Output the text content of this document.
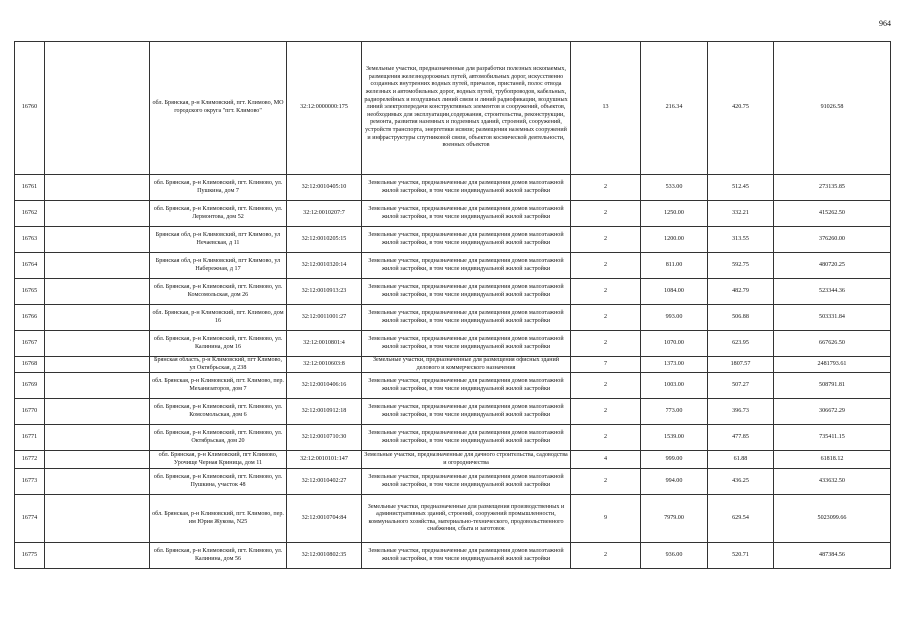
964
16760		обл. Брянская, р-н Климовский, пгт. Климово, МО городского округа "пгт. Климово"	32:12:0000000:175	Земельные участки, предназначенные для разработки полезных ископаемых, размещения железнодорожных путей, автомобильных дорог, искусственно созданных внутренних водных путей, причалов, пристаней, полос отвода железных и автомобильных дорог, водных путей, трубопроводов, кабельных, радиорелейных и воздушных линий связи и линий радиофикации, воздушных линий электропередачи конструктивных элементов и сооружений, объектов, необходимых для эксплуатации,содержания, строительства, реконструкции, ремонта, развития наземных и подземных зданий, строений, сооружений, устройств транспорта, энергетики исвязи; размещения наземных сооружений и инфраструктуры спутниковой связи, объектов космической деятельности, военных объектов	13	216.34	420.75	91026.58
16761		обл. Брянская, р-н Климовский, пгт. Климово, ул. Пушкина, дом 7	32:12:0010405:10	Земельные участки, предназначенные для размещения домов малоэтажной жилой застройки, в том числе индивидуальной жилой застройки	2	533.00	512.45	273135.85
16762		обл. Брянская, р-н Климовский, пгт. Климово, ул. Лермонтова, дом 52	32:12:0010207:7	Земельные участки, предназначенные для размещения домов малоэтажной жилой застройки, в том числе индивидуальной жилой застройки	2	1250.00	332.21	415262.50
16763		Брянская обл, р-н Климовский, пгт Климово, ул Нечаевская, д 11	32:12:0010205:15	Земельные участки, предназначенные для размещения домов малоэтажной жилой застройки, в том числе индивидуальной жилой застройки	2	1200.00	313.55	376260.00
16764		Брянская обл, р-н Климовский, пгт Климово, ул Набережная, д 17	32:12:0010320:14	Земельные участки, предназначенные для размещения домов малоэтажной жилой застройки, в том числе индивидуальной жилой застройки	2	811.00	592.75	480720.25
16765		обл. Брянская, р-н Климовский, пгт. Климово, ул. Комсомольская, дом 26	32:12:0010913:23	Земельные участки, предназначенные для размещения домов малоэтажной жилой застройки, в том числе индивидуальной жилой застройки	2	1084.00	482.79	523344.36
16766		обл. Брянская, р-н Климовский, пгт. Климово, дом 16	32:12:0011001:27	Земельные участки, предназначенные для размещения домов малоэтажной жилой застройки, в том числе индивидуальной жилой застройки	2	993.00	506.88	503331.84
16767		обл. Брянская, р-н Климовский, пгт. Климово, ул. Калинина, дом 16	32:12:0010801:4	Земельные участки, предназначенные для размещения домов малоэтажной жилой застройки, в том числе индивидуальной жилой застройки	2	1070.00	623.95	667626.50
16768		Брянская область, р-н Климовский, пгт Климово, ул Октябрьская, д 238	32:12:0010603:8	Земельные участки, предназначенные для размещения офисных зданий делового и коммерческого назначения	7	1373.00	1807.57	2481793.61
16769		обл. Брянская, р-н Климовский, пгт. Климово, пер. Механизаторов, дом 7	32:12:0010406:16	Земельные участки, предназначенные для размещения домов малоэтажной жилой застройки, в том числе индивидуальной жилой застройки	2	1003.00	507.27	508791.81
16770		обл. Брянская, р-н Климовский, пгт. Климово, ул. Комсомольская, дом 6	32:12:0010912:18	Земельные участки, предназначенные для размещения домов малоэтажной жилой застройки, в том числе индивидуальной жилой застройки	2	773.00	396.73	306672.29
16771		обл. Брянская, р-н Климовский, пгт. Климово, ул. Октябрьская, дом 20	32:12:0010710:30	Земельные участки, предназначенные для размещения домов малоэтажной жилой застройки, в том числе индивидуальной жилой застройки	2	1539.00	477.85	735411.15
16772		обл. Брянская, р-н Климовский, пгт Климово, Урочище Черная Криница, дом 11	32:12:0010101:147	Земельные участки, предназначенные для дачного строительства, садоводства и огородничества	4	999.00	61.88	61818.12
16773		обл. Брянская, р-н Климовский, пгт. Климово, ул. Пушкина, участок 48	32:12:0010402:27	Земельные участки, предназначенные для размещения домов малоэтажной жилой застройки, в том числе индивидуальной жилой застройки	2	994.00	436.25	433632.50
16774		обл. Брянская, р-н Климовский, пгт. Климово, пер. им Юрия Жукова, N25	32:12:0010704:84	Земельные участки, предназначенные для размещения производственных и административных зданий, строений, сооружений промышленности, коммунального хозяйства, материально-технического, продовольственного снабжения, сбыта и заготовок	9	7979.00	629.54	5023099.66
16775		обл. Брянская, р-н Климовский, пгт. Климово, ул. Калинина, дом 56	32:12:0010802:35	Земельные участки, предназначенные для размещения домов малоэтажной жилой застройки, в том числе индивидуальной жилой застройки	2	936.00	520.71	487384.56
